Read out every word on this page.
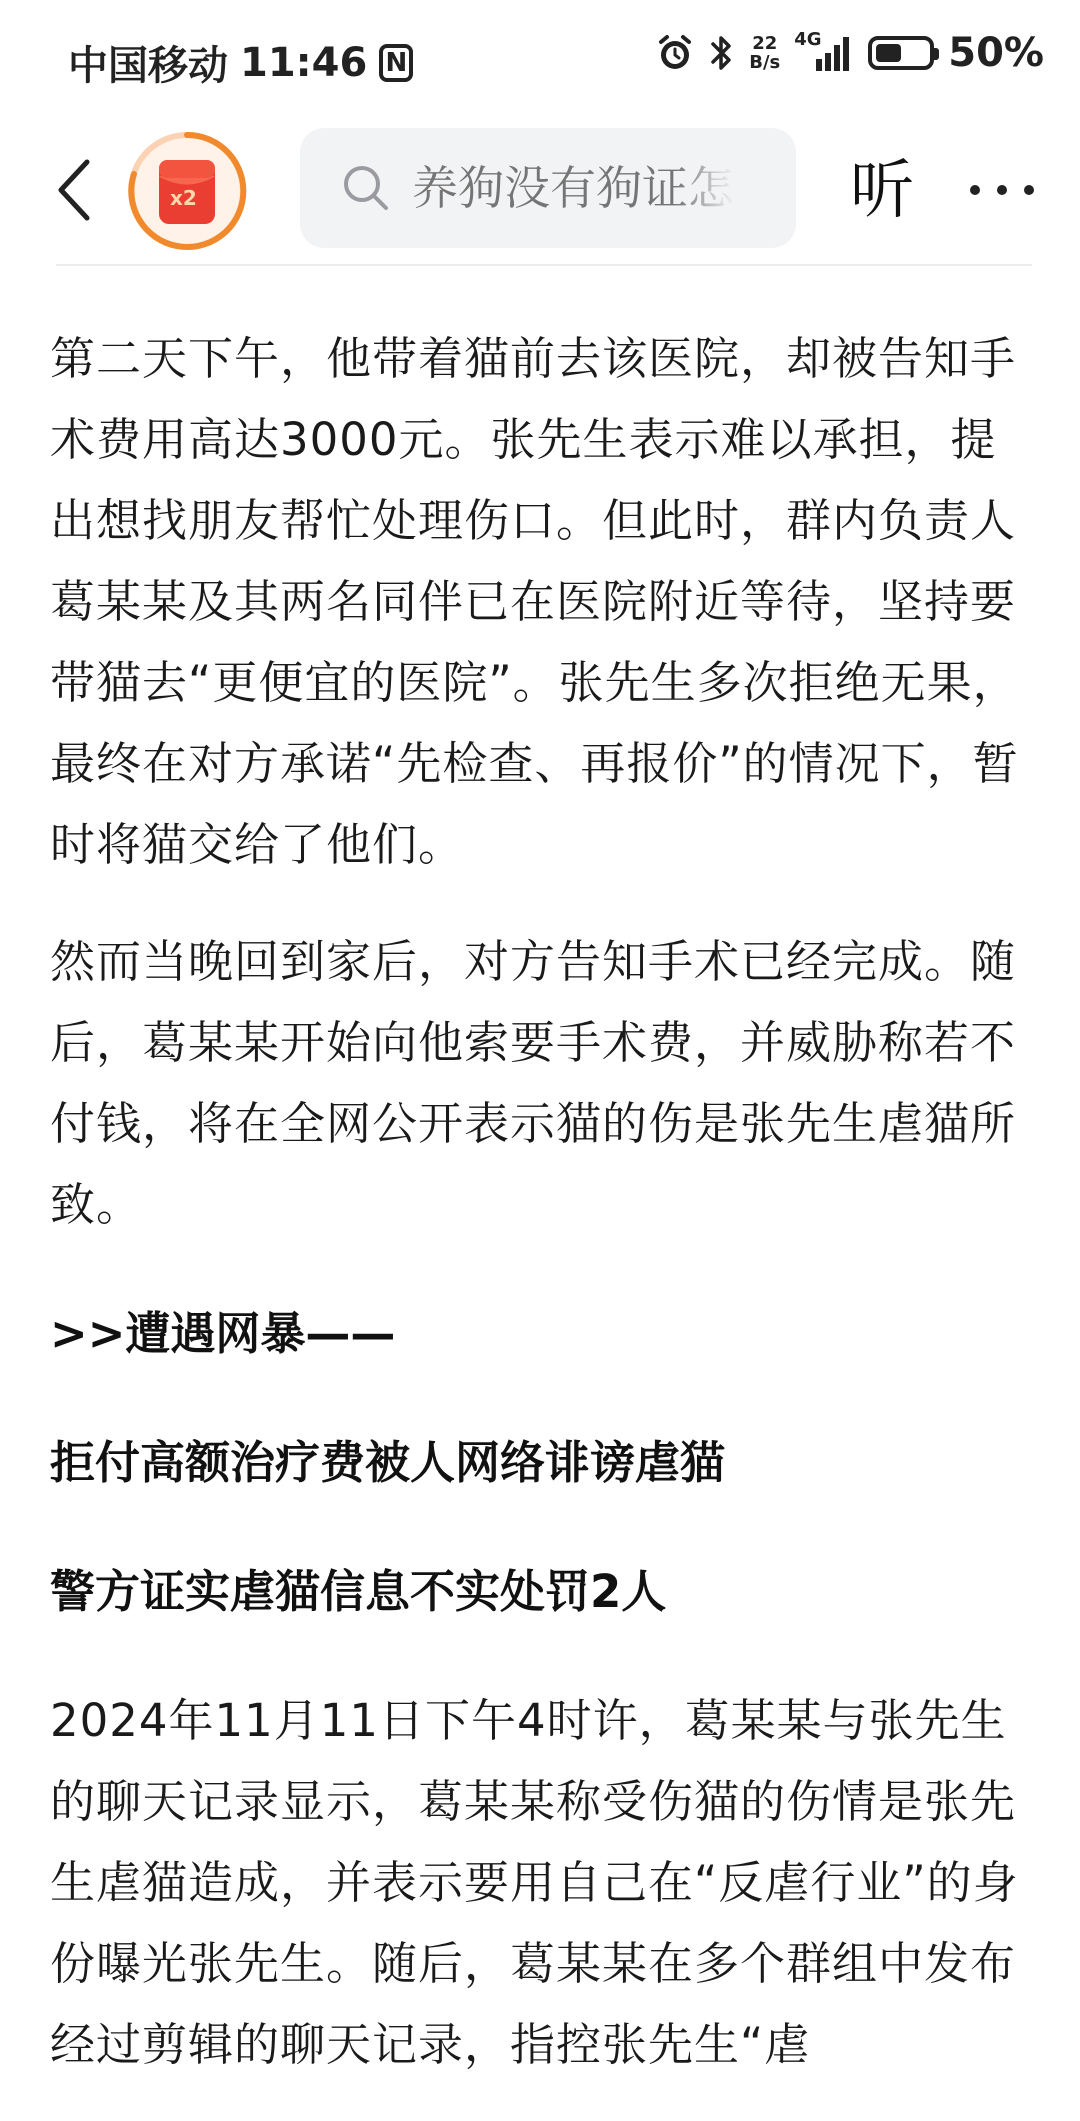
中国移动 11:46 N
22
B/s
4G	50%
x2
养狗没有狗证怎	听

第二天下午，他带着猫前去该医院，却被告知手术费用高达3000元。张先生表示难以承担，提出想找朋友帮忙处理伤口。但此时，群内负责人葛某某及其两名同伴已在医院附近等待，坚持要带猫去“更便宜的医院”。张先生多次拒绝无果，最终在对方承诺“先检查、再报价”的情况下，暂时将猫交给了他们。

然而当晚回到家后，对方告知手术已经完成。随后，葛某某开始向他索要手术费，并威胁称若不付钱，将在全网公开表示猫的伤是张先生虐猫所致。

>>遭遇网暴——

拒付高额治疗费被人网络诽谤虐猫

警方证实虐猫信息不实处罚2人

2024年11月11日下午4时许，葛某某与张先生的聊天记录显示，葛某某称受伤猫的伤情是张先生虐猫造成，并表示要用自己在“反虐行业”的身份曝光张先生。随后，葛某某在多个群组中发布经过剪辑的聊天记录，指控张先生“虐
